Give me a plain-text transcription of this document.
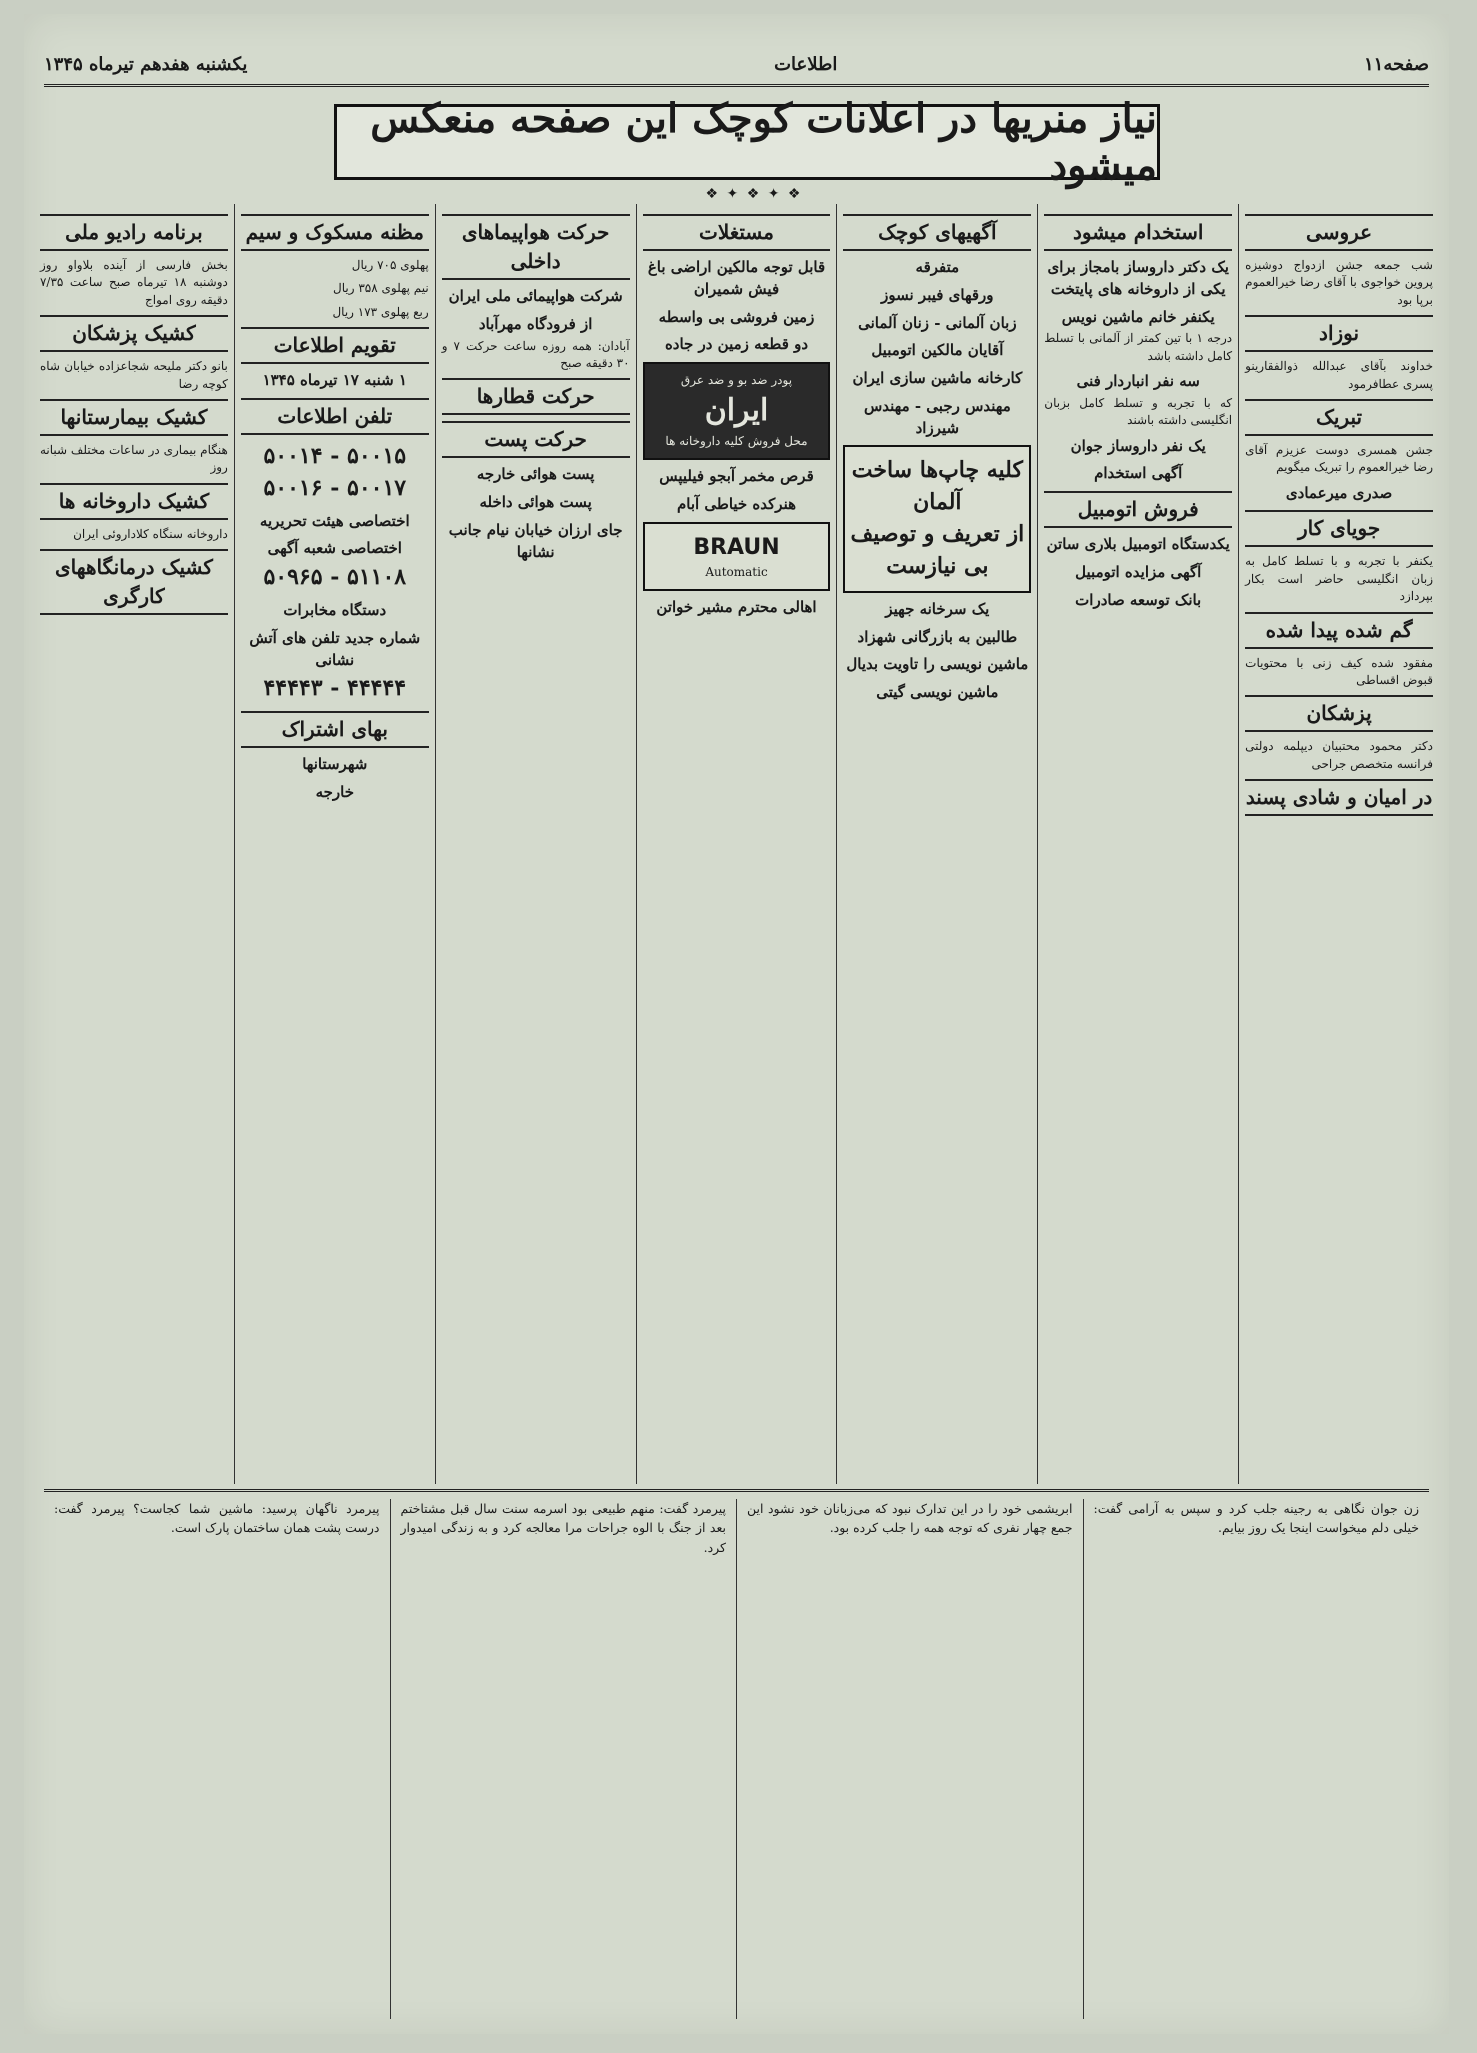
صفحه۱۱
اطلاعات
یکشنبه هفدهم تیرماه ۱۳۴۵
نیاز منریها در اعلانات کوچک این صفحه منعکس میشود
❖ ✦ ❖ ✦ ❖
عروسی
شب جمعه جشن ازدواج دوشیزه پروین خواجوی با آقای رضا خیرالعموم برپا بود
نوزاد
خداوند بآقای عبدالله ذوالفقارینو پسری عطافرمود
تبریک
جشن همسری دوست عزیزم آقای رضا خیرالعموم را تبریک میگویم
صدری میرعمادی
جویای کار
یکنفر با تجربه و با تسلط کامل به زبان انگلیسی حاضر است بکار بپردازد
گم شده پیدا شده
مفقود شده کیف زنی با محتویات قبوض اقساطی
پزشکان
دکتر محمود محتبیان دیپلمه دولتی فرانسه متخصص جراحی
در امیان و شادی پسند
استخدام میشود
یک دکتر داروساز بامجاز برای یکی از داروخانه های پایتخت
یکنفر خانم ماشین نویس
درجه ۱ با تین کمتر از آلمانی با تسلط کامل داشته باشد
سه نفر انباردار فنی
که با تجربه و تسلط کامل بزبان انگلیسی داشته باشند
یک نفر داروساز جوان
آگهی استخدام
فروش اتومبیل
یکدستگاه اتومبیل بلاری ساتن
آگهی مزایده اتومبیل
بانک توسعه صادرات
آگهیهای کوچک
متفرقه
ورقهای فیبر نسوز
زبان آلمانی - زنان آلمانی
آقایان مالکین اتومبیل
کارخانه ماشین سازی ایران
مهندس رجبی - مهندس شیرزاد
کلیه چاپ‌ها ساخت آلمان
از تعریف و توصیف بی نیازست
یک سرخانه جهیز
طالبین به بازرگانی شهزاد
ماشین نویسی را تاویت بدیال
ماشین نویسی گیتی
مستغلات
قابل توجه مالکین اراضی باغ فیش شمیران
زمین فروشی بی واسطه
دو قطعه زمین در جاده
پودر ضد بو و ضد عرق
ایران
محل فروش کلیه داروخانه ها
قرص مخمر آبجو فیلیپس
هنرکده خیاطی آبام
BRAUN
Automatic
اهالی محترم مشیر خواتن
حرکت هواپیماهای داخلی
شرکت هواپیمائی ملی ایران
از فرودگاه مهرآباد
آبادان: همه روزه ساعت حرکت ۷ و ۳۰ دقیقه صبح
حرکت قطارها
حرکت پست
پست هوائی خارجه
پست هوائی داخله
جای ارزان خیابان نیام جانب نشانها
مظنه مسکوک و سیم
پهلوی ۷۰۵ ریال
نیم پهلوی ۳۵۸ ریال
ربع پهلوی ۱۷۳ ریال
تقویم اطلاعات
۱ شنبه ۱۷ تیرماه ۱۳۴۵
تلفن اطلاعات
۵۰۰۱۵ - ۵۰۰۱۴
۵۰۰۱۷ - ۵۰۰۱۶
اختصاصی هیئت تحریریه
اختصاصی شعبه آگهی
۵۱۱۰۸ - ۵۰۹۶۵
دستگاه مخابرات
شماره جدید تلفن های آتش نشانی
۴۴۴۴۴ - ۴۴۴۴۳
بهای اشتراک
شهرستانها
خارجه
برنامه رادیو ملی
بخش فارسی از آینده بلاواو روز دوشنبه ۱۸ تیرماه صبح ساعت ۷/۳۵ دقیقه روی امواج
کشیک پزشکان
بانو دکتر ملیحه شجاعزاده خیابان شاه کوچه رضا
کشیک بیمارستانها
هنگام بیماری در ساعات مختلف شبانه روز
کشیک داروخانه ها
داروخانه سنگاه کلاداروئی ایران
کشیک درمانگاههای کارگری
زن جوان نگاهی به رجینه جلب کرد و سپس به آرامی گفت: خیلی دلم میخواست اینجا یک روز بیایم.
ابریشمی خود را در این تدارک نبود که می‌زبانان خود نشود این جمع چهار نفری که توجه همه را جلب کرده بود.
پیرمرد گفت: منهم طبیعی بود اسرمه سنت سال قبل مشتاختم بعد از جنگ با الوه جراحات مرا معالجه کرد و به زندگی امیدوار کرد.
پیرمرد ناگهان پرسید: ماشین شما کجاست؟ پیرمرد گفت: درست پشت همان ساختمان پارک است.
